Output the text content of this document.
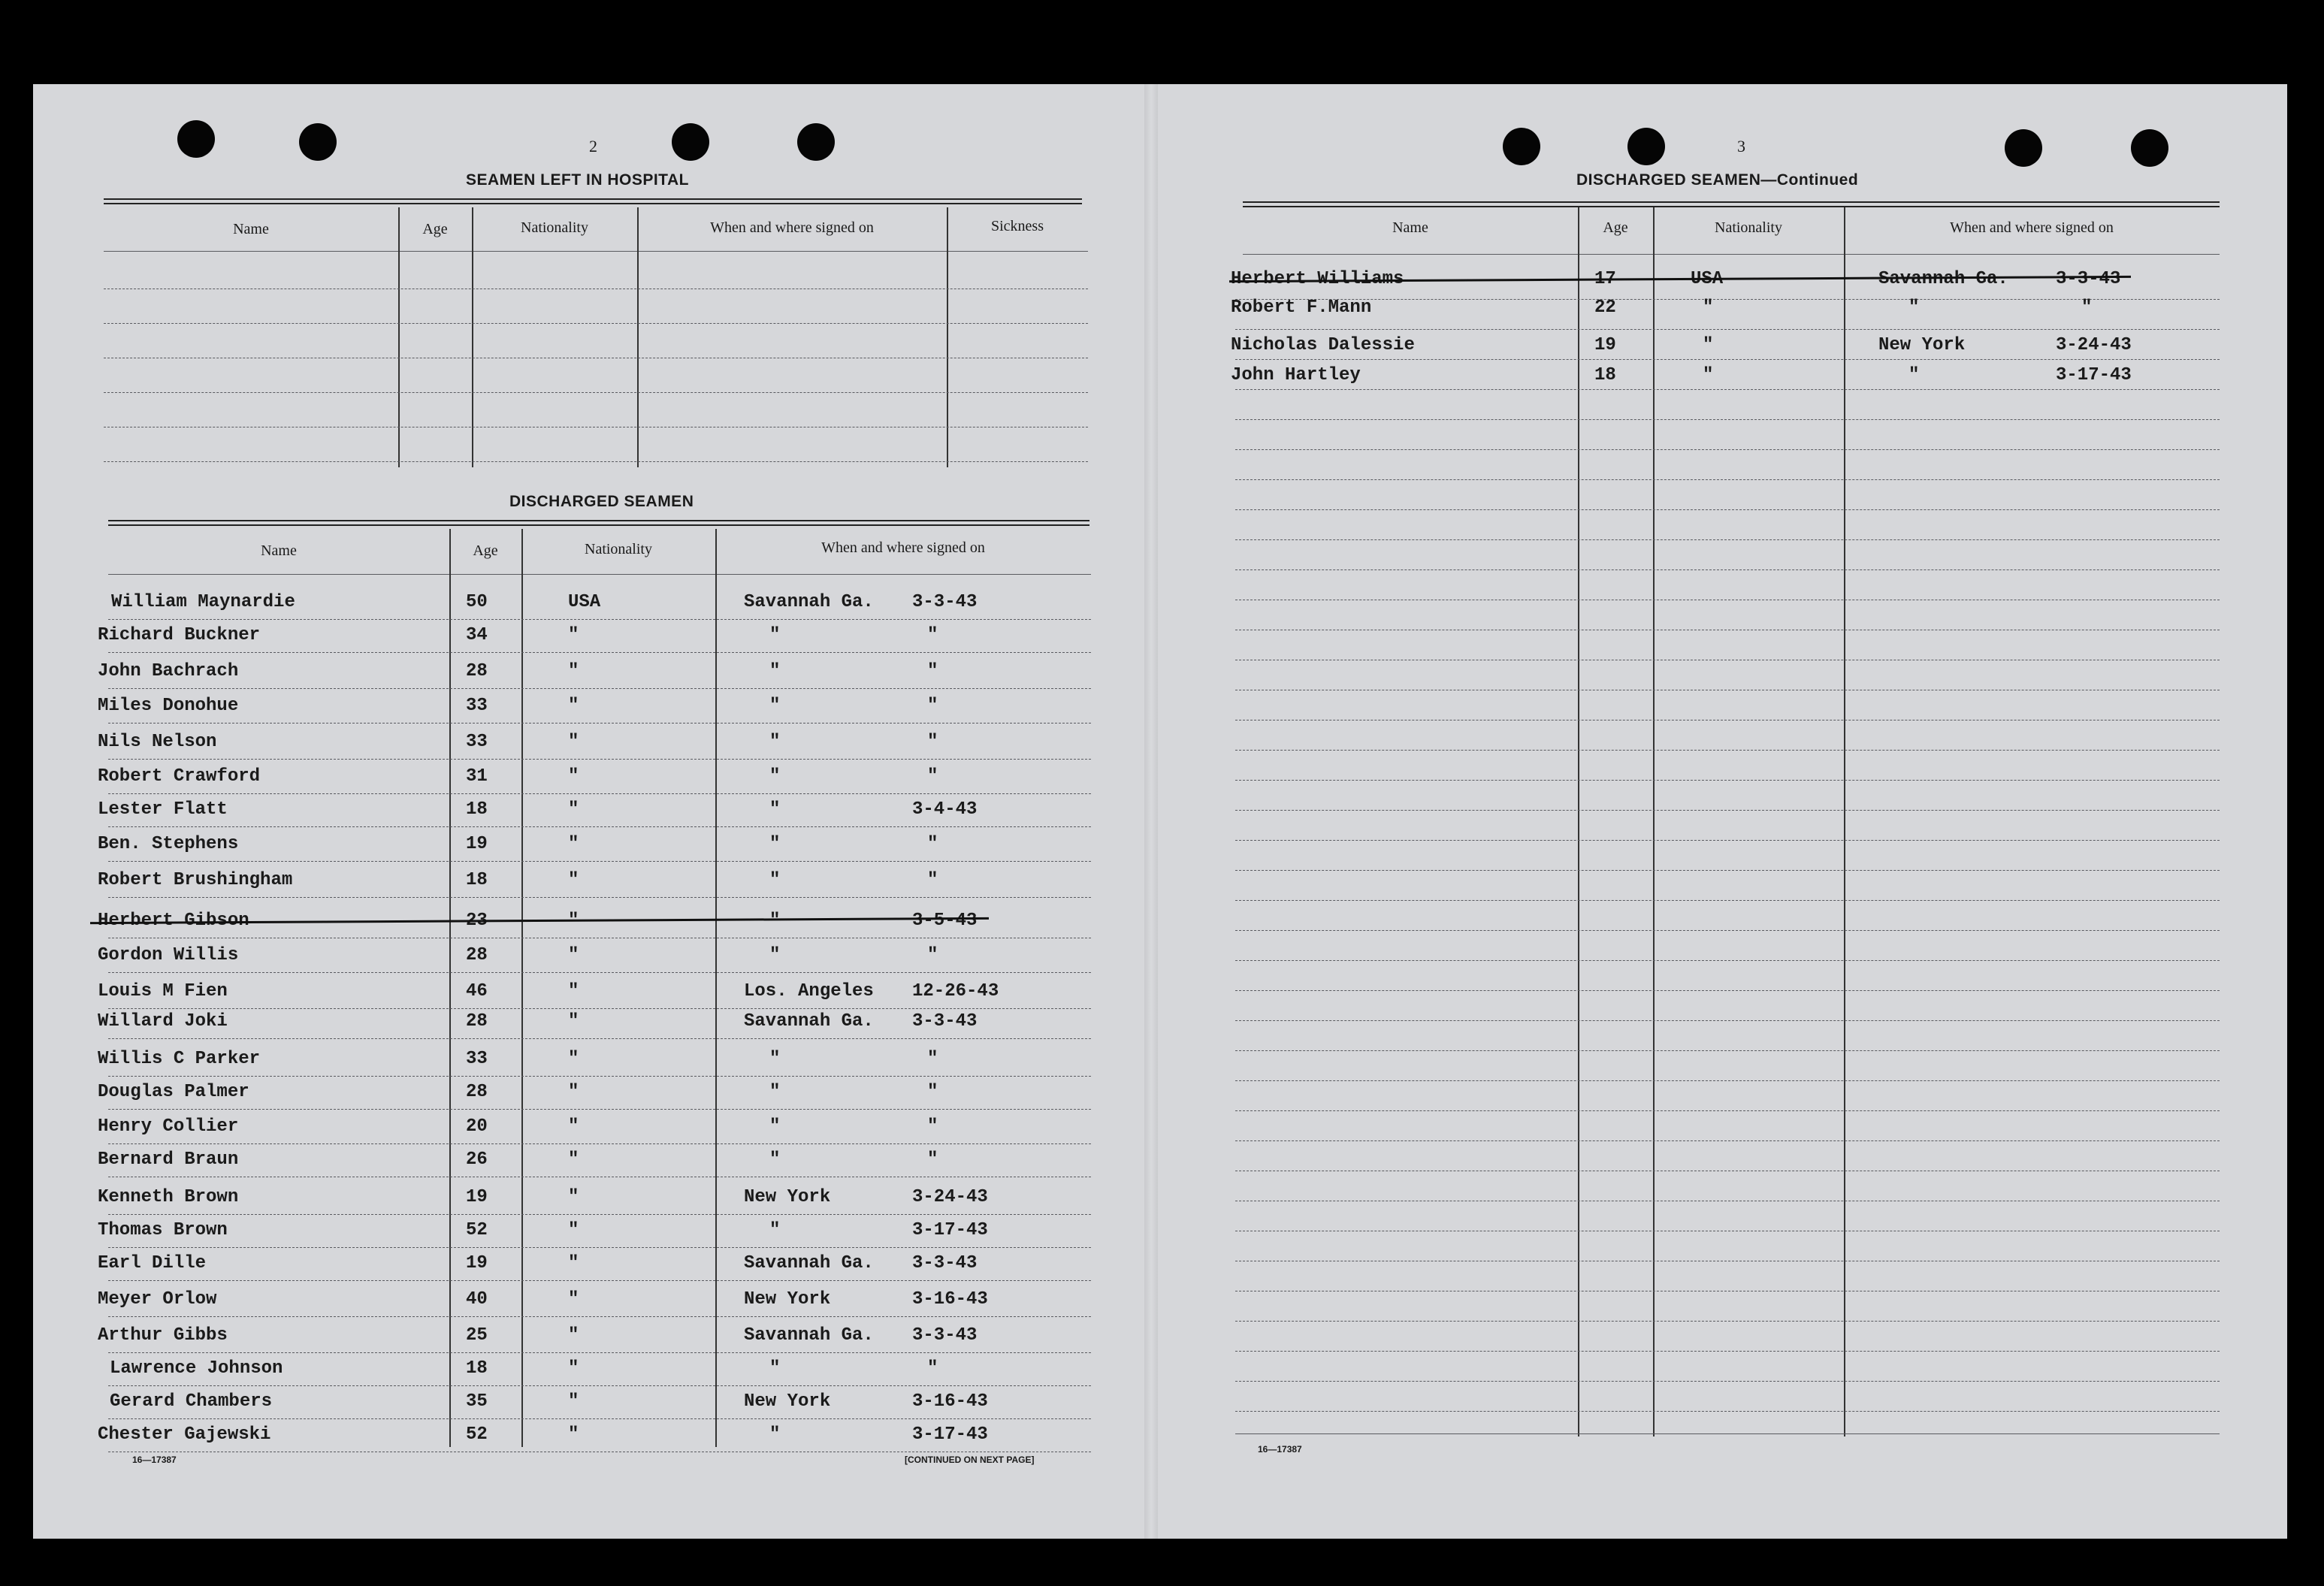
2
SEAMEN LEFT IN HOSPITAL
Name	Age	Nationality	When and where signed on	Sickness
DISCHARGED SEAMEN
Name	Age	Nationality	When and where signed on
William Maynardie	50	USA	Savannah Ga. 3-3-43
Richard Buckner	34	"	"	"
John Bachrach	28	"	"	"
Miles Donohue	33	"	"	"
Nils Nelson	33	"	"	"
Robert Crawford	31	"	"	"
Lester Flatt	18	"	"	3-4-43
Ben. Stephens	19	"	"	"
Robert Brushingham	18	"	"	"
Herbert Gibson	23	"	"	3-5-43
Gordon Willis	28	"	"	"
Louis M Fien	46	"	Los. Angeles 12-26-43
Willard Joki	28	"	Savannah Ga. 3-3-43
Willis C Parker	33	"	"	"
Douglas Palmer	28	"	"	"
Henry Collier	20	"	"	"
Bernard Braun	26	"	"	"
Kenneth Brown	19	"	New York	3-24-43
Thomas Brown	52	"	"	3-17-43
Earl Dille	19	"	Savannah Ga. 3-3-43
Meyer Orlow	40	"	New York	3-16-43
Arthur Gibbs	25	"	Savannah Ga. 3-3-43
Lawrence Johnson	18	"	"	"
Gerard Chambers	35	"	New York	3-16-43
Chester Gajewski	52	"	"	3-17-43
16—17387	[CONTINUED ON NEXT PAGE]
3
DISCHARGED SEAMEN—Continued
Name	Age	Nationality	When and where signed on
Herbert Williams	17	USA	Savannah Ga.	3-3-43
Robert F.Mann	22	"	"	"
Nicholas Dalessie	19	"	New York	3-24-43
John Hartley	18	"	"	3-17-43
16—17387
